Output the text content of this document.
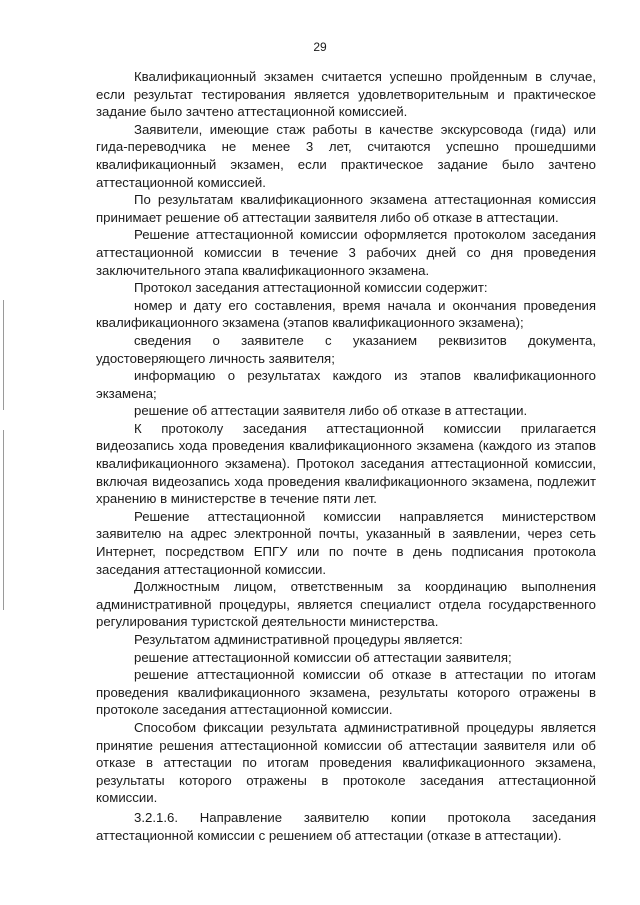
29

Квалификационный экзамен считается успешно пройденным в случае, если результат тестирования является удовлетворительным и практическое задание было зачтено аттестационной комиссией.

Заявители, имеющие стаж работы в качестве экскурсовода (гида) или гида-переводчика не менее 3 лет, считаются успешно прошедшими квалификационный экзамен, если практическое задание было зачтено аттестационной комиссией.

По результатам квалификационного экзамена аттестационная комиссия принимает решение об аттестации заявителя либо об отказе в аттестации.

Решение аттестационной комиссии оформляется протоколом заседания аттестационной комиссии в течение 3 рабочих дней со дня проведения заключительного этапа квалификационного экзамена.

Протокол заседания аттестационной комиссии содержит:

номер и дату его составления, время начала и окончания проведения квалификационного экзамена (этапов квалификационного экзамена);

сведения о заявителе с указанием реквизитов документа, удостоверяющего личность заявителя;

информацию о результатах каждого из этапов квалификационного экзамена;

решение об аттестации заявителя либо об отказе в аттестации.

К протоколу заседания аттестационной комиссии прилагается видеозапись хода проведения квалификационного экзамена (каждого из этапов квалификационного экзамена). Протокол заседания аттестационной комиссии, включая видеозапись хода проведения квалификационного экзамена, подлежит хранению в министерстве в течение пяти лет.

Решение аттестационной комиссии направляется министерством заявителю на адрес электронной почты, указанный в заявлении, через сеть Интернет, посредством ЕПГУ или по почте в день подписания протокола заседания аттестационной комиссии.

Должностным лицом, ответственным за координацию выполнения административной процедуры, является специалист отдела государственного регулирования туристской деятельности министерства.

Результатом административной процедуры является:

решение аттестационной комиссии об аттестации заявителя;

решение аттестационной комиссии об отказе в аттестации по итогам проведения квалификационного экзамена, результаты которого отражены в протоколе заседания аттестационной комиссии.

Способом фиксации результата административной процедуры является принятие решения аттестационной комиссии об аттестации заявителя или об отказе в аттестации по итогам проведения квалификационного экзамена, результаты которого отражены в протоколе заседания аттестационной комиссии.

3.2.1.6. Направление заявителю копии протокола заседания аттестационной комиссии с решением об аттестации (отказе в аттестации).
